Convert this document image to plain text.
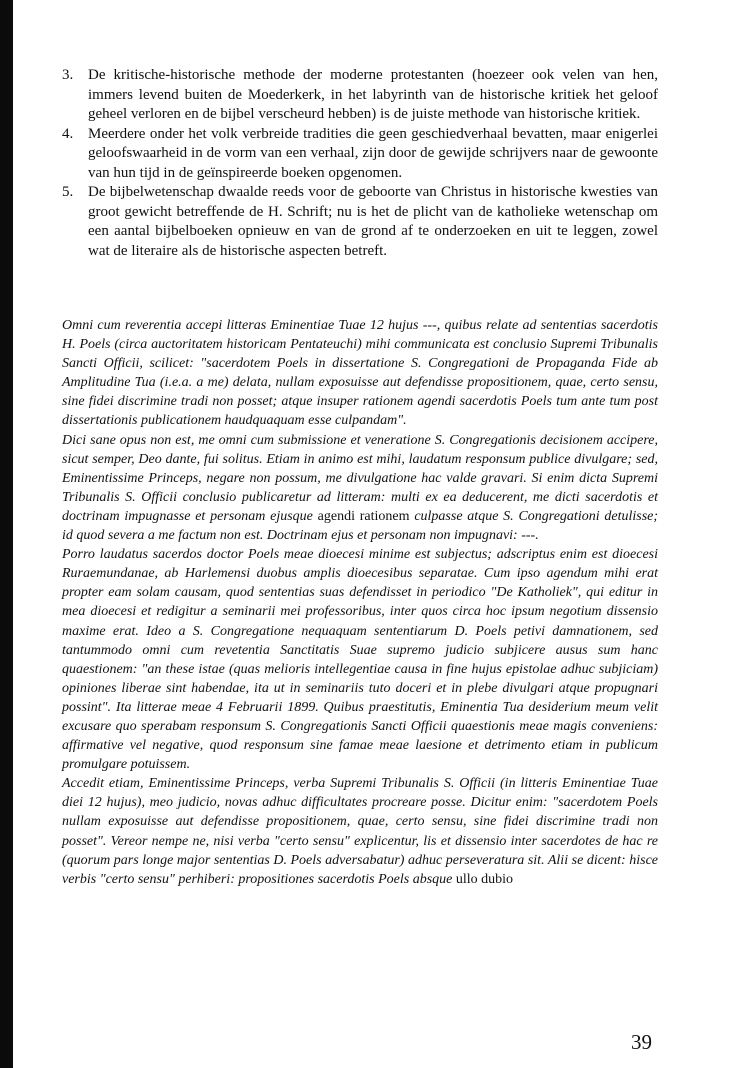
3. De kritische-historische methode der moderne protestanten (hoezeer ook velen van hen, immers levend buiten de Moederkerk, in het labyrinth van de historische kritiek het geloof geheel verloren en de bijbel verscheurd hebben) is de juiste methode van historische kritiek.
4. Meerdere onder het volk verbreide tradities die geen geschiedverhaal bevatten, maar enigerlei geloofswaarheid in de vorm van een verhaal, zijn door de gewijde schrijvers naar de gewoonte van hun tijd in de geïnspireerde boeken opgenomen.
5. De bijbelwetenschap dwaalde reeds voor de geboorte van Christus in historische kwesties van groot gewicht betreffende de H. Schrift; nu is het de plicht van de katholieke wetenschap om een aantal bijbelboeken opnieuw en van de grond af te onderzoeken en uit te leggen, zowel wat de literaire als de historische aspecten betreft.

Omni cum reverentia accepi litteras Eminentiae Tuae 12 hujus ---, quibus relate ad sententias sacerdotis H. Poels (circa auctoritatem historicam Pentateuchi) mihi communicata est conclusio Supremi Tribunalis Sancti Officii, scilicet: "sacerdotem Poels in dissertatione S. Congregationi de Propaganda Fide ab Amplitudine Tua (i.e.a. a me) delata, nullam exposuisse aut defendisse propositionem, quae, certo sensu, sine fidei discrimine tradi non posset; atque insuper rationem agendi sacerdotis Poels tum ante tum post dissertationis publicationem haudquaquam esse culpandam".

Dici sane opus non est, me omni cum submissione et veneratione S. Congregationis decisionem accipere, sicut semper, Deo dante, fui solitus. Etiam in animo est mihi, laudatum responsum publice divulgare; sed, Eminentissime Princeps, negare non possum, me divulgatione hac valde gravari. Si enim dicta Supremi Tribunalis S. Officii conclusio publicaretur ad litteram: multi ex ea deducerent, me dicti sacerdotis et doctrinam impugnasse et personam ejusque agendi rationem culpasse atque S. Congregationi detulisse; id quod severa a me factum non est. Doctrinam ejus et personam non impugnavi: ---.

Porro laudatus sacerdos doctor Poels meae dioecesi minime est subjectus; adscriptus enim est dioecesi Ruraemundanae, ab Harlemensi duobus amplis dioecesibus separatae. Cum ipso agendum mihi erat propter eam solam causam, quod sententias suas defendisset in periodico "De Katholiek", qui editur in mea dioecesi et redigitur a seminarii mei professoribus, inter quos circa hoc ipsum negotium dissensio maxime erat. Ideo a S. Congregatione nequaquam sententiarum D. Poels petivi damnationem, sed tantummodo omni cum revetentia Sanctitatis Suae supremo judicio subjicere ausus sum hanc quaestionem: "an these istae (quas melioris intellegentiae causa in fine hujus epistolae adhuc subjiciam) opiniones liberae sint habendae, ita ut in seminariis tuto doceri et in plebe divulgari atque propugnari possint". Ita litterae meae 4 Februarii 1899. Quibus praestitutis, Eminentia Tua desiderium meum velit excusare quo sperabam responsum S. Congregationis Sancti Officii quaestionis meae magis conveniens: affirmative vel negative, quod responsum sine famae meae laesione et detrimento etiam in publicum promulgare potuissem.

Accedit etiam, Eminentissime Princeps, verba Supremi Tribunalis S. Officii (in litteris Eminentiae Tuae diei 12 hujus), meo judicio, novas adhuc difficultates procreare posse. Dicitur enim: "sacerdotem Poels nullam exposuisse aut defendisse propositionem, quae, certo sensu, sine fidei discrimine tradi non posset". Vereor nempe ne, nisi verba "certo sensu" explicentur, lis et dissensio inter sacerdotes de hac re (quorum pars longe major sententias D. Poels adversabatur) adhuc perseveratura sit. Alii se dicent: hisce verbis "certo sensu" perhiberi: propositiones sacerdotis Poels absque ullo dubio

39
